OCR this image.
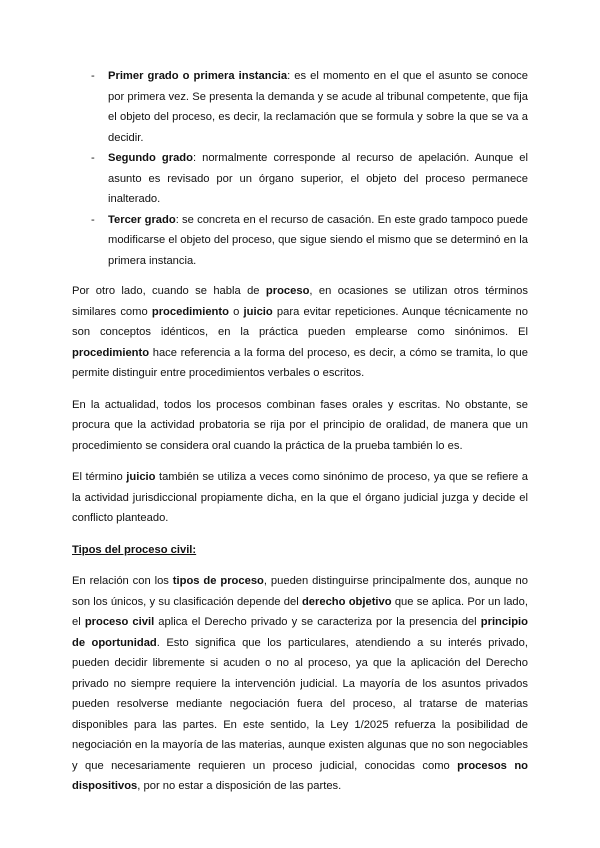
- Primer grado o primera instancia: es el momento en el que el asunto se conoce por primera vez. Se presenta la demanda y se acude al tribunal competente, que fija el objeto del proceso, es decir, la reclamación que se formula y sobre la que se va a decidir.
- Segundo grado: normalmente corresponde al recurso de apelación. Aunque el asunto es revisado por un órgano superior, el objeto del proceso permanece inalterado.
- Tercer grado: se concreta en el recurso de casación. En este grado tampoco puede modificarse el objeto del proceso, que sigue siendo el mismo que se determinó en la primera instancia.

Por otro lado, cuando se habla de proceso, en ocasiones se utilizan otros términos similares como procedimiento o juicio para evitar repeticiones. Aunque técnicamente no son conceptos idénticos, en la práctica pueden emplearse como sinónimos. El procedimiento hace referencia a la forma del proceso, es decir, a cómo se tramita, lo que permite distinguir entre procedimientos verbales o escritos.

En la actualidad, todos los procesos combinan fases orales y escritas. No obstante, se procura que la actividad probatoria se rija por el principio de oralidad, de manera que un procedimiento se considera oral cuando la práctica de la prueba también lo es.

El término juicio también se utiliza a veces como sinónimo de proceso, ya que se refiere a la actividad jurisdiccional propiamente dicha, en la que el órgano judicial juzga y decide el conflicto planteado.

Tipos del proceso civil:

En relación con los tipos de proceso, pueden distinguirse principalmente dos, aunque no son los únicos, y su clasificación depende del derecho objetivo que se aplica. Por un lado, el proceso civil aplica el Derecho privado y se caracteriza por la presencia del principio de oportunidad. Esto significa que los particulares, atendiendo a su interés privado, pueden decidir libremente si acuden o no al proceso, ya que la aplicación del Derecho privado no siempre requiere la intervención judicial. La mayoría de los asuntos privados pueden resolverse mediante negociación fuera del proceso, al tratarse de materias disponibles para las partes. En este sentido, la Ley 1/2025 refuerza la posibilidad de negociación en la mayoría de las materias, aunque existen algunas que no son negociables y que necesariamente requieren un proceso judicial, conocidas como procesos no dispositivos, por no estar a disposición de las partes.
